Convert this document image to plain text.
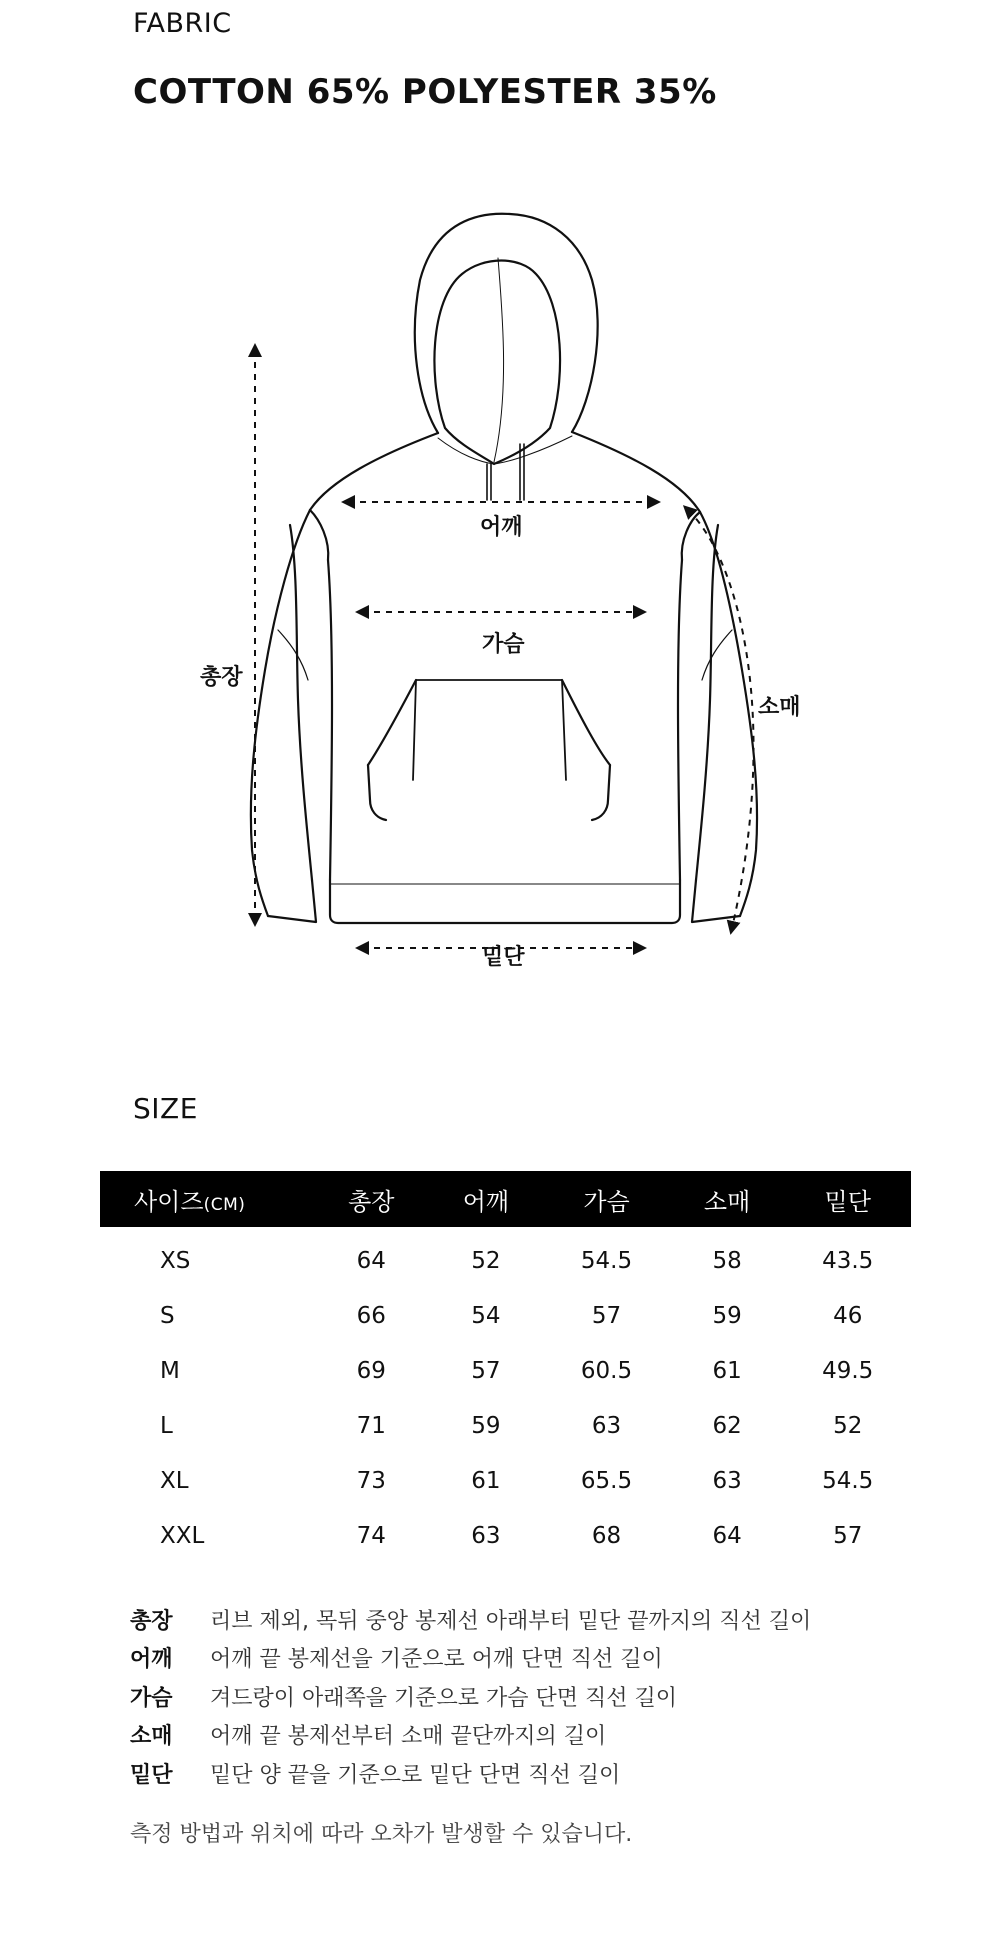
FABRIC
COTTON 65% POLYESTER 35%
어깨
가슴
총장
소매
밑단
SIZE
사이즈(CM)	총장	어깨	가슴	소매	밑단
XS	64	52	54.5	58	43.5
S	66	54	57	59	46
M	69	57	60.5	61	49.5
L	71	59	63	62	52
XL	73	61	65.5	63	54.5
XXL	74	63	68	64	57
총장	리브 제외, 목뒤 중앙 봉제선 아래부터 밑단 끝까지의 직선 길이
어깨	어깨 끝 봉제선을 기준으로 어깨 단면 직선 길이
가슴	겨드랑이 아래쪽을 기준으로 가슴 단면 직선 길이
소매	어깨 끝 봉제선부터 소매 끝단까지의 길이
밑단	밑단 양 끝을 기준으로 밑단 단면 직선 길이
측정 방법과 위치에 따라 오차가 발생할 수 있습니다.
